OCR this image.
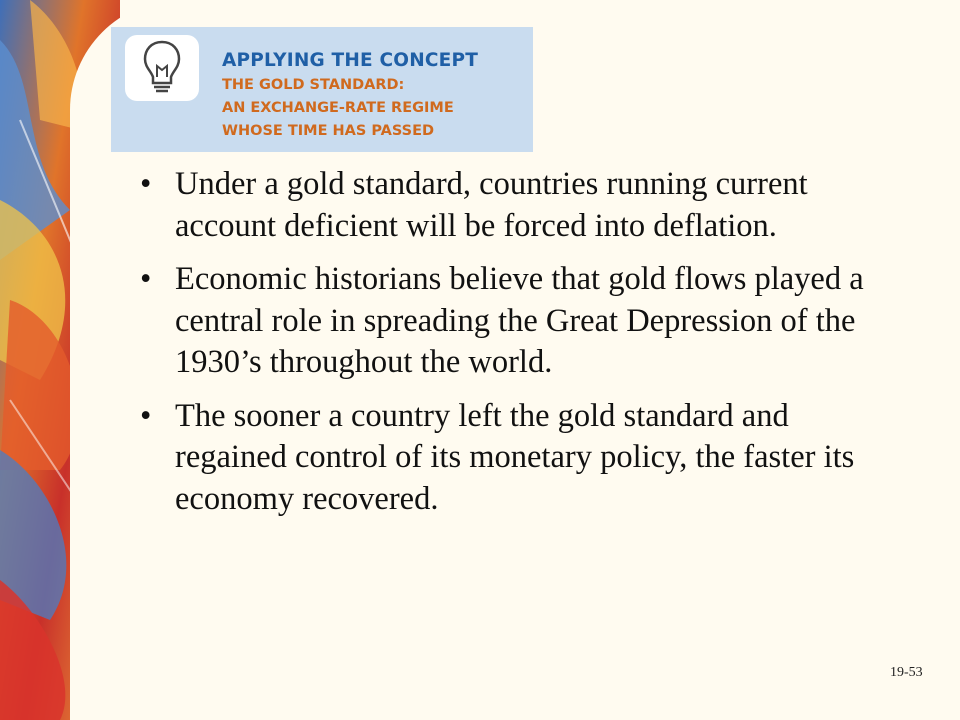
APPLYING THE CONCEPT
THE GOLD STANDARD:
AN EXCHANGE-RATE REGIME
WHOSE TIME HAS PASSED
• Under a gold standard, countries running current account deficient will be forced into deflation.
• Economic historians believe that gold flows played a central role in spreading the Great Depression of the 1930’s throughout the world.
• The sooner a country left the gold standard and regained control of its monetary policy, the faster its economy recovered.
19-53
